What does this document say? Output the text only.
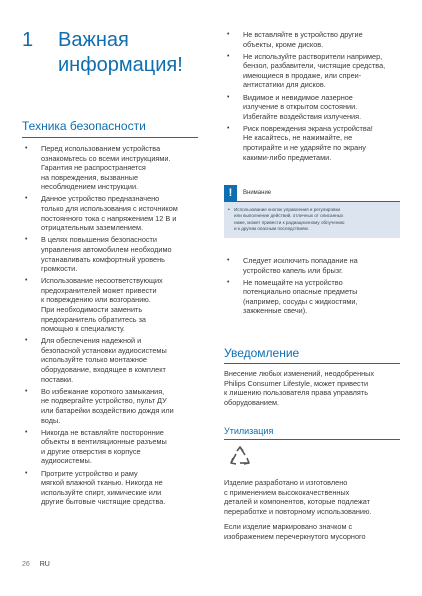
1 Важная информация!
Техника безопасности
• Перед использованием устройства
ознакомьтесь со всеми инструкциями.
Гарантия не распространяется
на повреждения, вызванные
несоблюдением инструкции.
• Данное устройство предназначено
только для использования с источником
постоянного тока с напряжением 12 В и
отрицательным заземлением.
• В целях повышения безопасности
управления автомобилем необходимо
устанавливать комфортный уровень
громкости.
• Использование несоответствующих
предохранителей может привести
к повреждению или возгоранию.
При необходимости заменить
предохранитель обратитесь за
помощью к специалисту.
• Для обеспечения надежной и
безопасной установки аудиосистемы
используйте только монтажное
оборудование, входящее в комплект
поставки.
• Во избежание короткого замыкания,
не подвергайте устройство, пульт ДУ
или батарейки воздействию дождя или
воды.
• Никогда не вставляйте посторонние
объекты в вентиляционные разъемы
и другие отверстия в корпусе
аудиосистемы.
• Протрите устройство и раму
мягкой влажной тканью. Никогда не
используйте спирт, химические или
другие бытовые чистящие средства.
• Не вставляйте в устройство другие
объекты, кроме дисков.
• Не используйте растворители например,
бензол, разбавители, чистящие средства,
имеющиеся в продаже, или спреи-
антистатики для дисков.
• Видимое и невидимое лазерное
излучение в открытом состоянии.
Избегайте воздействия излучения.
• Риск повреждения экрана устройства!
Не касайтесь, не нажимайте, не
протирайте и не ударяйте по экрану
какими-либо предметами.
!	Внимание
• Использование кнопок управления и регулировки
или выполнение действий, отличных от описанных
ниже, может привести к радиационному облучению
и к другим опасным последствиям.
• Следует исключить попадание на
устройство капель или брызг.
• Не помещайте на устройство
потенциально опасные предметы
(например, сосуды с жидкостями,
зажженные свечи).
Уведомление
Внесение любых изменений, неодобренных
Philips Consumer Lifestyle, может привести
к лишению пользователя права управлять
оборудованием.
Утилизация
Изделие разработано и изготовлено
с применением высококачественных
деталей и компонентов, которые подлежат
переработке и повторному использованию.
Если изделие маркировано значком с
изображением перечеркнутого мусорного
26 RU
